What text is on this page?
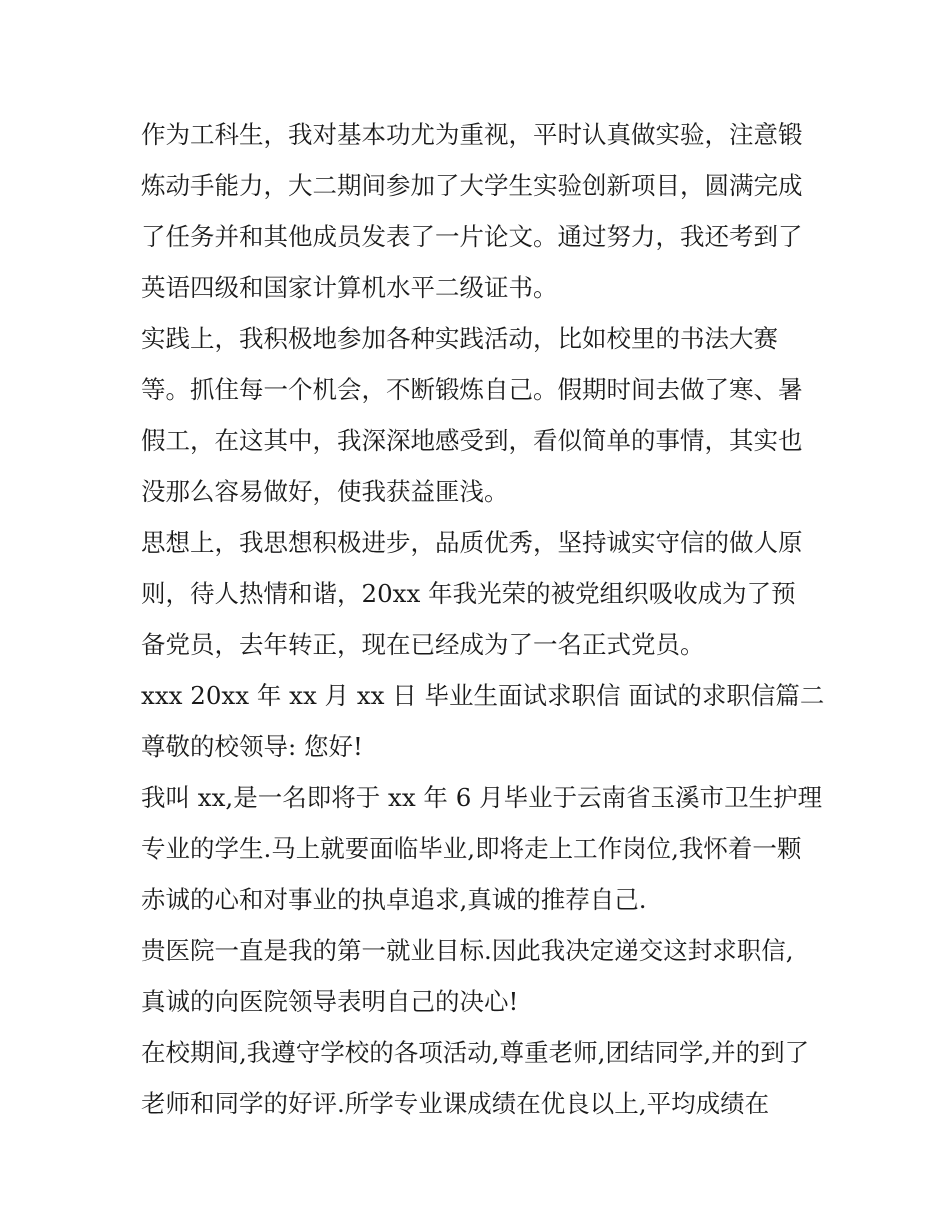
作为工科生，我对基本功尤为重视，平时认真做实验，注意锻
炼动手能力，大二期间参加了大学生实验创新项目，圆满完成
了任务并和其他成员发表了一片论文。通过努力，我还考到了
英语四级和国家计算机水平二级证书。
实践上，我积极地参加各种实践活动，比如校里的书法大赛
等。抓住每一个机会，不断锻炼自己。假期时间去做了寒、暑
假工，在这其中，我深深地感受到，看似简单的事情，其实也
没那么容易做好，使我获益匪浅。
思想上，我思想积极进步，品质优秀，坚持诚实守信的做人原
则，待人热情和谐，20xx 年我光荣的被党组织吸收成为了预
备党员，去年转正，现在已经成为了一名正式党员。
xxx 20xx 年 xx 月 xx 日 毕业生面试求职信 面试的求职信篇二
尊敬的校领导: 您好!
我叫 xx,是一名即将于 xx 年 6 月毕业于云南省玉溪市卫生护理
专业的学生.马上就要面临毕业,即将走上工作岗位,我怀着一颗
赤诚的心和对事业的执卓追求,真诚的推荐自己.
贵医院一直是我的第一就业目标.因此我决定递交这封求职信,
真诚的向医院领导表明自己的决心!
在校期间,我遵守学校的各项活动,尊重老师,团结同学,并的到了
老师和同学的好评.所学专业课成绩在优良以上,平均成绩在
